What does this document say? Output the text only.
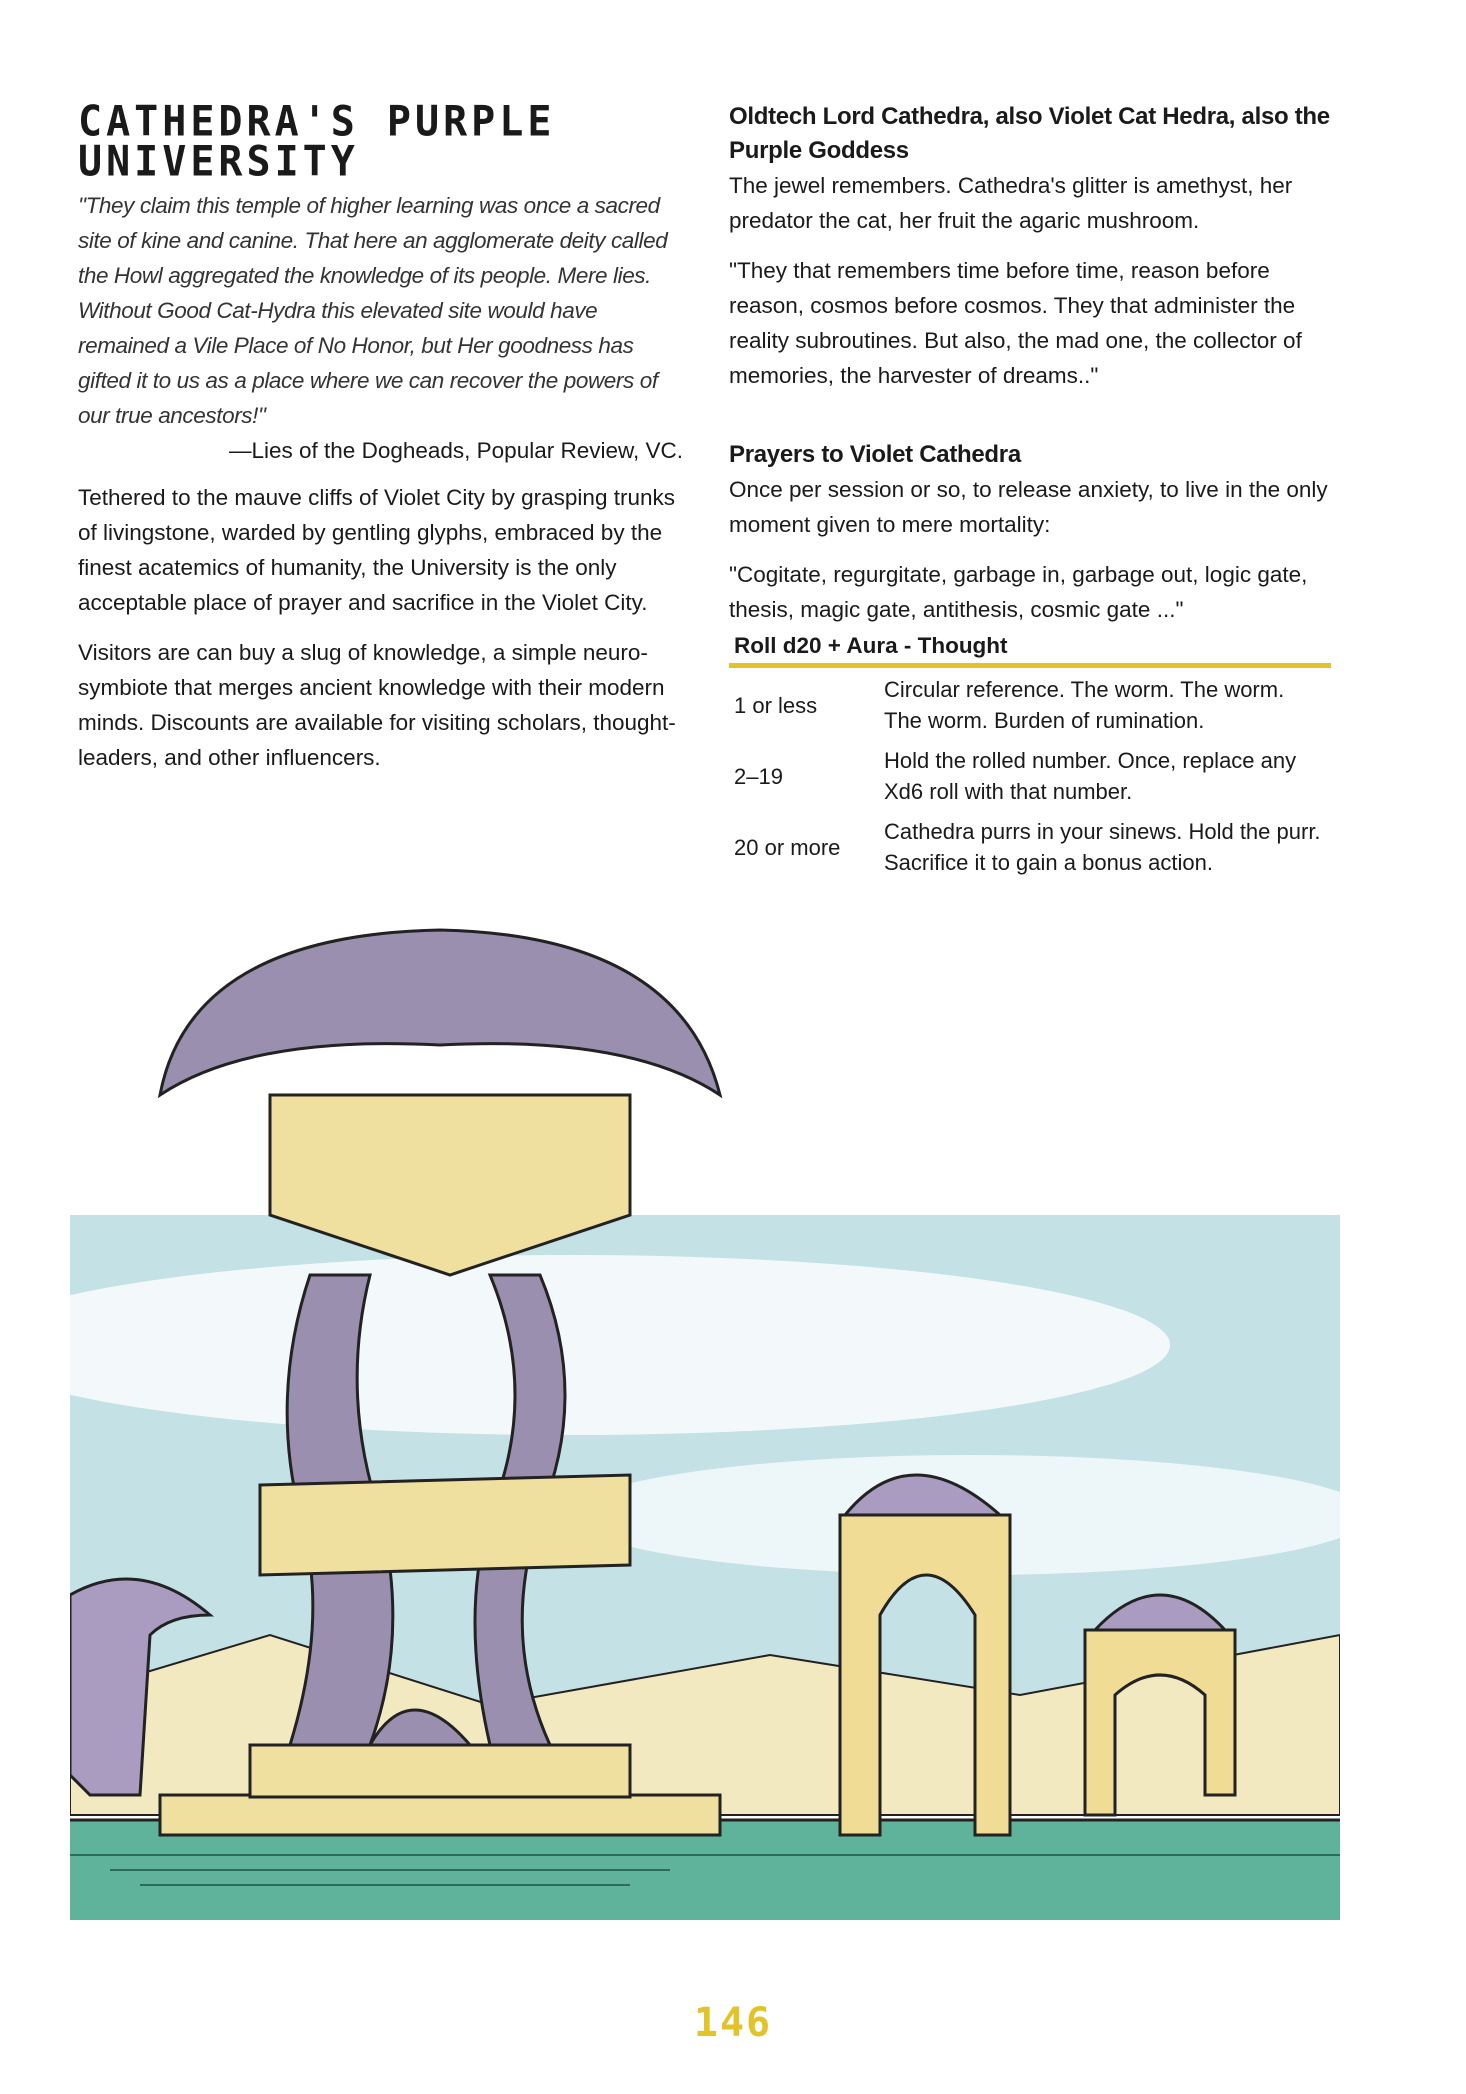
CATHEDRA'S PURPLE UNIVERSITY

"They claim this temple of higher learning was once a sacred site of kine and canine. That here an agglomerate deity called the Howl aggregated the knowledge of its people. Mere lies. Without Good Cat-Hydra this elevated site would have remained a Vile Place of No Honor, but Her goodness has gifted it to us as a place where we can recover the powers of our true ancestors!"

—Lies of the Dogheads, Popular Review, VC.

Tethered to the mauve cliffs of Violet City by grasping trunks of livingstone, warded by gentling glyphs, embraced by the finest acatemics of humanity, the University is the only acceptable place of prayer and sacrifice in the Violet City.

Visitors are can buy a slug of knowledge, a simple neuro-symbiote that merges ancient knowledge with their modern minds. Discounts are available for visiting scholars, thought-leaders, and other influencers.

Oldtech Lord Cathedra, also Violet Cat Hedra, also the Purple Goddess

The jewel remembers. Cathedra's glitter is amethyst, her predator the cat, her fruit the agaric mushroom.

"They that remembers time before time, reason before reason, cosmos before cosmos. They that administer the reality subroutines. But also, the mad one, the collector of memories, the harvester of dreams.."

Prayers to Violet Cathedra

Once per session or so, to release anxiety, to live in the only moment given to mere mortality:

"Cogitate, regurgitate, garbage in, garbage out, logic gate, thesis, magic gate, antithesis, cosmic gate ..."

Roll d20 + Aura - Thought	
1 or less	Circular reference. The worm. The worm. The worm. Burden of rumination.
2–19	Hold the rolled number. Once, replace any Xd6 roll with that number.
20 or more	Cathedra purrs in your sinews. Hold the purr. Sacrifice it to gain a bonus action.
146
